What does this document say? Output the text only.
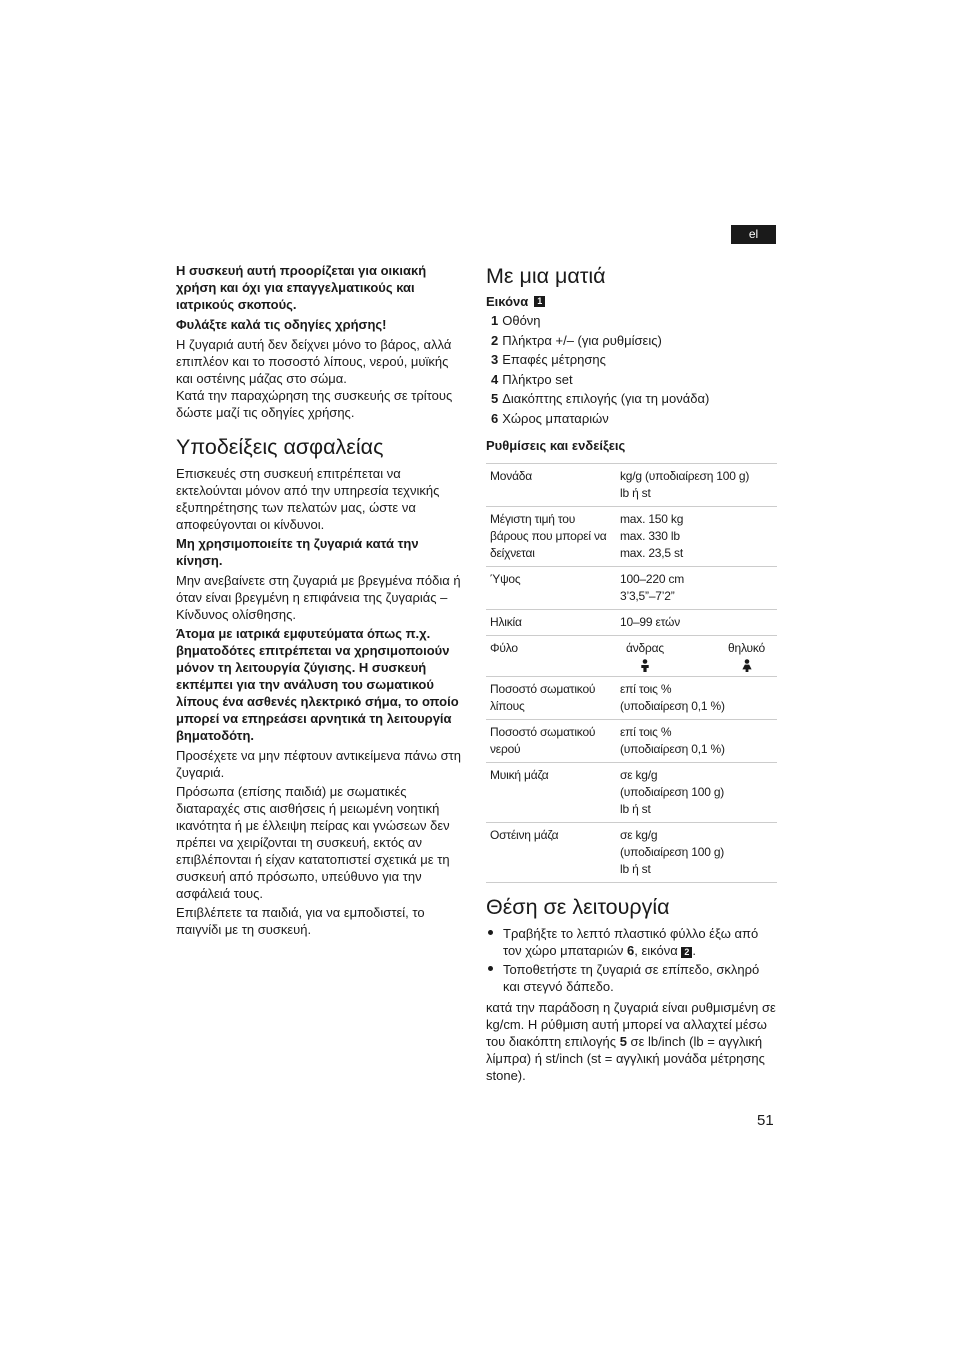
el

Η συσκευή αυτή προορίζεται για οικιακή χρήση και όχι για επαγγελματικούς και ιατρικούς σκοπούς.

Φυλάξτε καλά τις οδηγίες χρήσης!

Η ζυγαριά αυτή δεν δείχνει μόνο το βάρος, αλλά επιπλέον και το ποσοστό λίπους, νερού, μυϊκής και οστέινης μάζας στο σώμα.

Κατά την παραχώρηση της συσκευής σε τρίτους δώστε μαζί τις οδηγίες χρήσης.

Υποδείξεις ασφαλείας

Επισκευές στη συσκευή επιτρέπεται να εκτελούνται μόνον από την υπηρεσία τεχνικής εξυπηρέτησης των πελατών μας, ώστε να αποφεύγονται οι κίνδυνοι.

Μη χρησιμοποιείτε τη ζυγαριά κατά την κίνηση.

Μην ανεβαίνετε στη ζυγαριά με βρεγμένα πόδια ή όταν είναι βρεγμένη η επιφάνεια της ζυγαριάς – Κίνδυνος ολίσθησης.

Άτομα με ιατρικά εμφυτεύματα όπως π.χ. βηματοδότες επιτρέπεται να χρησιμοποιούν μόνον τη λειτουργία ζύγισης. Η συσκευή εκπέμπει για την ανάλυση του σωματικού λίπους ένα ασθενές ηλεκτρικό σήμα, το οποίο μπορεί να επηρεάσει αρνητικά τη λειτουργία βηματοδότη.

Προσέχετε να μην πέφτουν αντικείμενα πάνω στη ζυγαριά.

Πρόσωπα (επίσης παιδιά) με σωματικές διαταραχές στις αισθήσεις ή μειωμένη νοητική ικανότητα ή με έλλειψη πείρας και γνώσεων δεν πρέπει να χειρίζονται τη συσκευή, εκτός αν επιβλέπονται ή είχαν κατατοπιστεί σχετικά με τη συσκευή από πρόσωπο, υπεύθυνο για την ασφάλειά τους.

Επιβλέπετε τα παιδιά, για να εμποδιστεί, το παιγνίδι με τη συσκευή.

Με μια ματιά
Εικόνα 1
1 Οθόνη
2 Πλήκτρα +/– (για ρυθμίσεις)
3 Επαφές μέτρησης
4 Πλήκτρο set
5 Διακόπτης επιλογής (για τη μονάδα)
6 Χώρος μπαταριών
Ρυθμίσεις και ενδείξεις
Μονάδα	kg/g (υποδιαίρεση 100 g)
lb ή st

Μέγιστη τιμή του βάρους που μπορεί να δείχνεται	max. 150 kg
max. 330 lb
max. 23,5 st

Ύψος	100–220 cm
3’3,5”–7’2”

Ηλικία	10–99 ετών
Φύλο	άνδρας θηλυκό

Ποσοστό σωματικού λίπους	επί τοις %
(υποδιαίρεση 0,1 %)

Ποσοστό σωματικού νερού	επί τοις %
(υποδιαίρεση 0,1 %)

Μυική μάζα	σε kg/g
(υποδιαίρεση 100 g)
lb ή st

Οστέινη μάζα	σε kg/g
(υποδιαίρεση 100 g)
lb ή st
Θέση σε λειτουργία
Τραβήξτε το λεπτό πλαστικό φύλλο έξω από τον χώρο μπαταριών 6, εικόνα 2 .
Τοποθετήστε τη ζυγαριά σε επίπεδο, σκληρό και στεγνό δάπεδο.

κατά την παράδοση η ζυγαριά είναι ρυθμισμένη σε kg/cm. Η ρύθμιση αυτή μπορεί να αλλαχτεί μέσω του διακόπτη επιλογής 5 σε lb/inch (lb = αγγλική λίμπρα) ή st/inch (st = αγγλική μονάδα μέτρησης stone).

51
